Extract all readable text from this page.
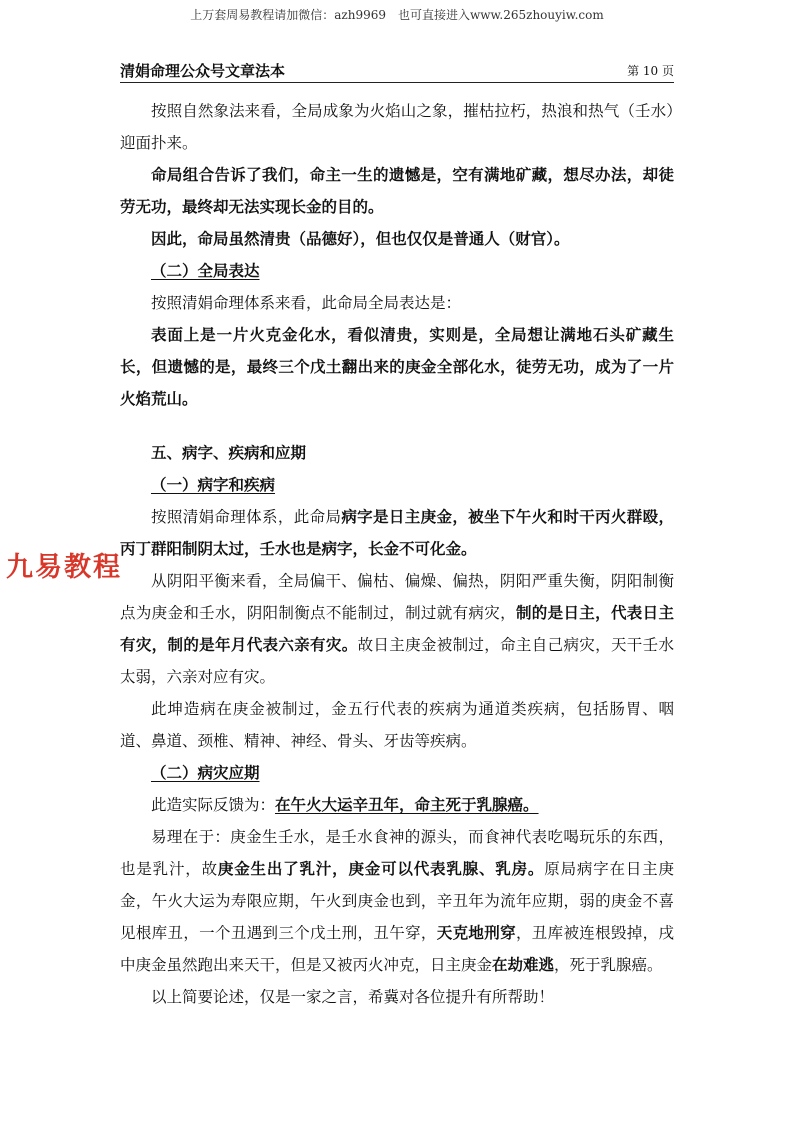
上万套周易教程请加微信：azh9969　也可直接进入www.265zhouyiw.com
清娟命理公众号文章法本	第 10 页

按照自然象法来看，全局成象为火焰山之象，摧枯拉朽，热浪和热气（壬水）迎面扑来。

命局组合告诉了我们，命主一生的遗憾是，空有满地矿藏，想尽办法，却徒劳无功，最终却无法实现长金的目的。

因此，命局虽然清贵（品德好），但也仅仅是普通人（财官）。

（二）全局表达

按照清娟命理体系来看，此命局全局表达是：

表面上是一片火克金化水，看似清贵，实则是，全局想让满地石头矿藏生长，但遗憾的是，最终三个戊土翻出来的庚金全部化水，徒劳无功，成为了一片火焰荒山。

五、病字、疾病和应期

（一）病字和疾病

按照清娟命理体系，此命局病字是日主庚金，被坐下午火和时干丙火群殴，丙丁群阳制阴太过，壬水也是病字，长金不可化金。

从阴阳平衡来看，全局偏干、偏枯、偏燥、偏热，阴阳严重失衡，阴阳制衡点为庚金和壬水，阴阳制衡点不能制过，制过就有病灾，制的是日主，代表日主有灾，制的是年月代表六亲有灾。故日主庚金被制过，命主自己病灾，天干壬水太弱，六亲对应有灾。

此坤造病在庚金被制过，金五行代表的疾病为通道类疾病，包括肠胃、咽道、鼻道、颈椎、精神、神经、骨头、牙齿等疾病。

（二）病灾应期

此造实际反馈为：在午火大运辛丑年，命主死于乳腺癌。

易理在于：庚金生壬水，是壬水食神的源头，而食神代表吃喝玩乐的东西，也是乳汁，故庚金生出了乳汁，庚金可以代表乳腺、乳房。原局病字在日主庚金，午火大运为寿限应期，午火到庚金也到，辛丑年为流年应期，弱的庚金不喜见根库丑，一个丑遇到三个戊土刑，丑午穿，天克地刑穿，丑库被连根毁掉，戌中庚金虽然跑出来天干，但是又被丙火冲克，日主庚金在劫难逃，死于乳腺癌。

以上简要论述，仅是一家之言，希冀对各位提升有所帮助！

九易教程
